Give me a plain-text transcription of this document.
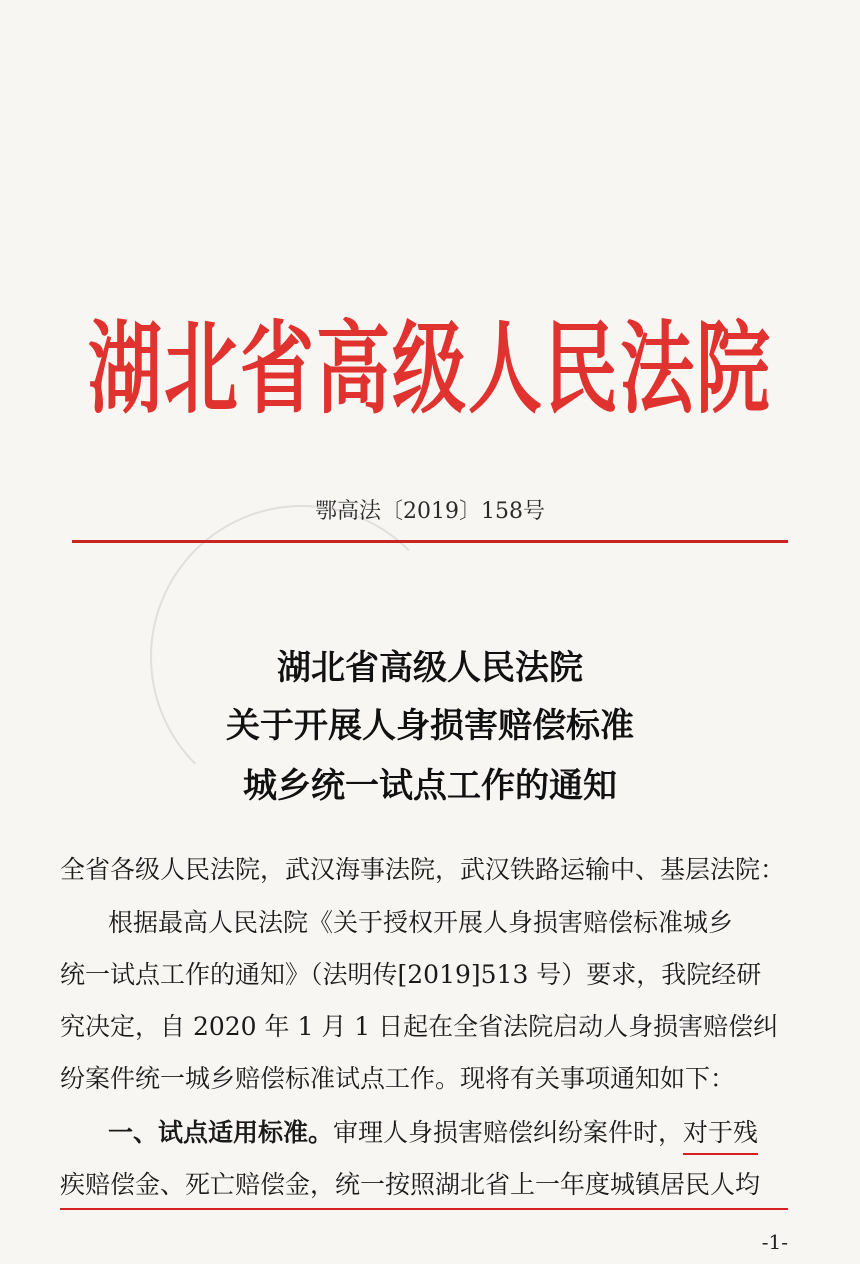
湖北省高级人民法院
鄂高法〔2019〕158号
湖北省高级人民法院
关于开展人身损害赔偿标准
城乡统一试点工作的通知
全省各级人民法院，武汉海事法院，武汉铁路运输中、基层法院：
根据最高人民法院《关于授权开展人身损害赔偿标准城乡
统一试点工作的通知》（法明传[2019]513 号）要求，我院经研
究决定，自 2020 年 1 月 1 日起在全省法院启动人身损害赔偿纠
纷案件统一城乡赔偿标准试点工作。现将有关事项通知如下：
一、试点适用标准。审理人身损害赔偿纠纷案件时，对于残
疾赔偿金、死亡赔偿金，统一按照湖北省上一年度城镇居民人均
-1-
